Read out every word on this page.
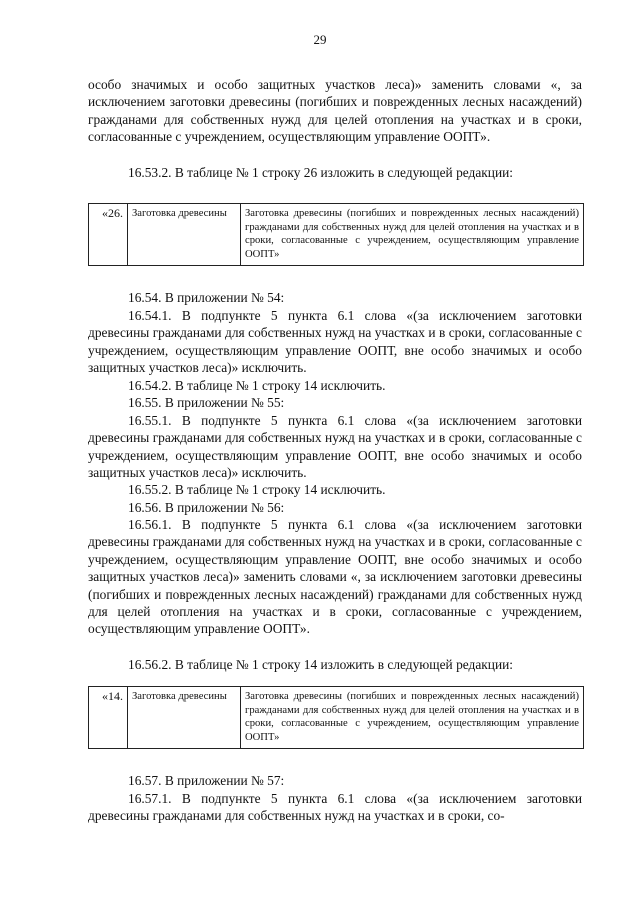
29

особо значимых и особо защитных участков леса)» заменить словами «, за исключением заготовки древесины (погибших и поврежденных лесных насаждений) гражданами для собственных нужд для целей отопления на участках и в сроки, согласованные с учреждением, осуществляющим управление ООПТ».

16.53.2. В таблице № 1 строку 26 изложить в следующей редакции:

«26.	Заготовка древесины	Заготовка древесины (погибших и поврежденных лесных насаждений) гражданами для собственных нужд для целей отопления на участках и в сроки, согласованные с учреждением, осуществляющим управление ООПТ»

16.54. В приложении № 54:

16.54.1. В подпункте 5 пункта 6.1 слова «(за исключением заготовки древесины гражданами для собственных нужд на участках и в сроки, согласованные с учреждением, осуществляющим управление ООПТ, вне особо значимых и особо защитных участков леса)» исключить.

16.54.2. В таблице № 1 строку 14 исключить.

16.55. В приложении № 55:

16.55.1. В подпункте 5 пункта 6.1 слова «(за исключением заготовки древесины гражданами для собственных нужд на участках и в сроки, согласованные с учреждением, осуществляющим управление ООПТ, вне особо значимых и особо защитных участков леса)» исключить.

16.55.2. В таблице № 1 строку 14 исключить.

16.56. В приложении № 56:

16.56.1. В подпункте 5 пункта 6.1 слова «(за исключением заготовки древесины гражданами для собственных нужд на участках и в сроки, согласованные с учреждением, осуществляющим управление ООПТ, вне особо значимых и особо защитных участков леса)» заменить словами «, за исключением заготовки древесины (погибших и поврежденных лесных насаждений) гражданами для собственных нужд для целей отопления на участках и в сроки, согласованные с учреждением, осуществляющим управление ООПТ».

16.56.2. В таблице № 1 строку 14 изложить в следующей редакции:

«14.	Заготовка древесины	Заготовка древесины (погибших и поврежденных лесных насаждений) гражданами для собственных нужд для целей отопления на участках и в сроки, согласованные с учреждением, осуществляющим управление ООПТ»

16.57. В приложении № 57:

16.57.1. В подпункте 5 пункта 6.1 слова «(за исключением заготовки древесины гражданами для собственных нужд на участках и в сроки, со-
